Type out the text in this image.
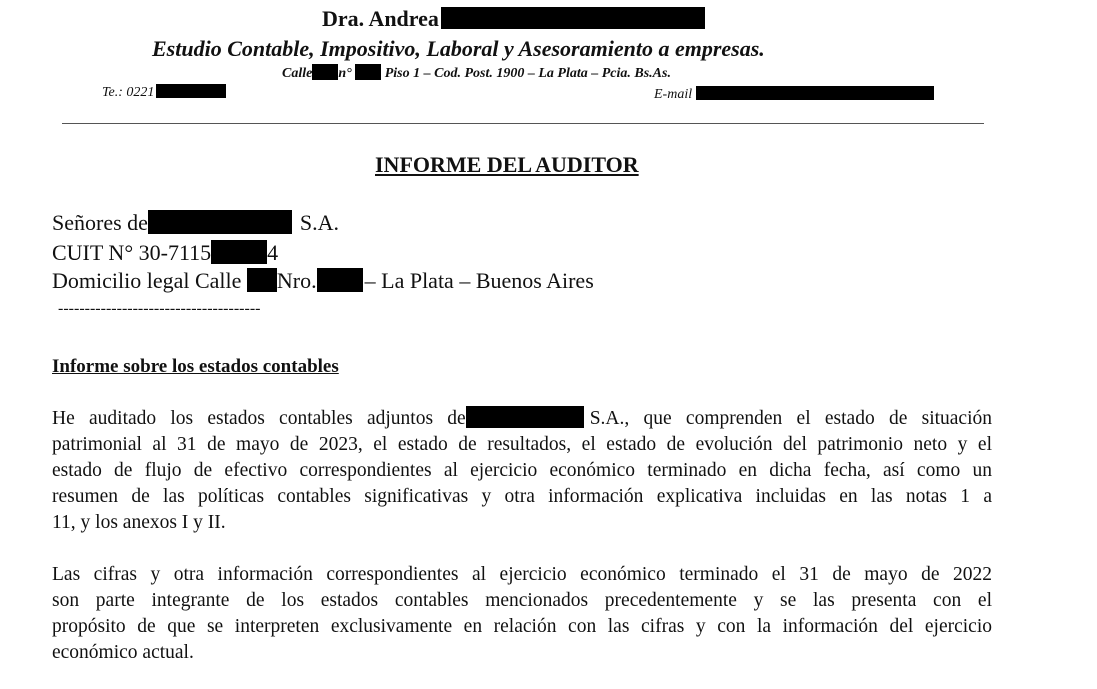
Dra. Andrea
Estudio Contable, Impositivo, Laboral y Asesoramiento a empresas.
Calle n° Piso 1 – Cod. Post. 1900 – La Plata – Pcia. Bs.As.
Te.: 0221	E-mail
INFORME DEL AUDITOR
Señores de	S.A.
CUIT N° 30-7115	4
Domicilio legal Calle Nro. – La Plata – Buenos Aires
--------------------------------------
Informe sobre los estados contables
He auditado los estados contables adjuntos de	S.A., que comprenden el estado de situación
patrimonial al 31 de mayo de 2023, el estado de resultados, el estado de evolución del patrimonio neto y el
estado de flujo de efectivo correspondientes al ejercicio económico terminado en dicha fecha, así como un
resumen de las políticas contables significativas y otra información explicativa incluidas en las notas 1 a
11, y los anexos I y II.
Las cifras y otra información correspondientes al ejercicio económico terminado el 31 de mayo de 2022
son parte integrante de los estados contables mencionados precedentemente y se las presenta con el
propósito de que se interpreten exclusivamente en relación con las cifras y con la información del ejercicio
económico actual.
